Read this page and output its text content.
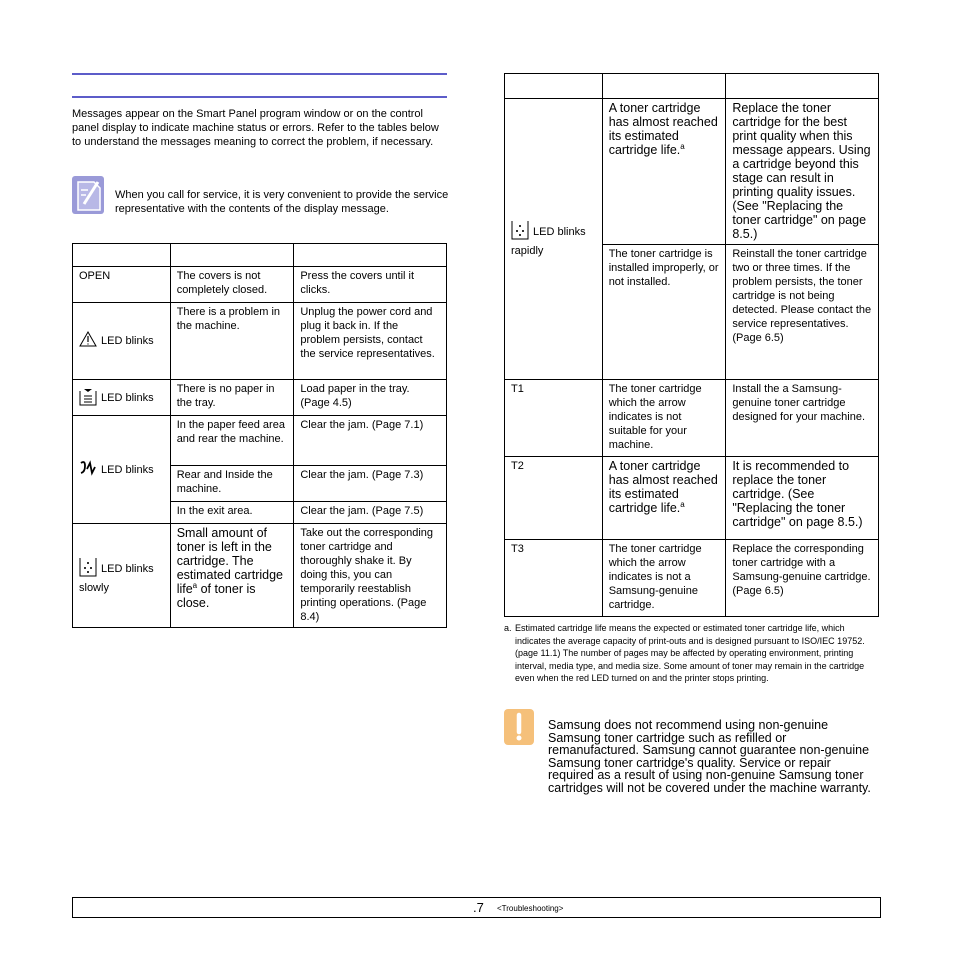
Messages appear on the Smart Panel program window or on the control panel display to indicate machine status or errors. Refer to the tables below to understand the messages meaning to correct the problem, if necessary.

When you call for service, it is very convenient to provide the service representative with the contents of the display message.

OPEN	The covers is not completely closed.	Press the covers until it clicks.
LED blinks	There is a problem in the machine.	Unplug the power cord and plug it back in. If the problem persists, contact the service representatives.
LED blinks	There is no paper in the tray.	Load paper in the tray. (Page 4.5)
LED blinks	In the paper feed area and rear the machine.	Clear the jam. (Page 7.1)
	Rear and Inside the machine.	Clear the jam. (Page 7.3)
	In the exit area.	Clear the jam. (Page 7.5)
LED blinks
slowly	Small amount of toner is left in the cartridge. The estimated cartridge life$^a$ of toner is close.	Take out the corresponding toner cartridge and thoroughly shake it. By doing this, you can temporarily reestablish printing operations. (Page 8.4)

LED blinks
rapidly	A toner cartridge has almost reached its estimated cartridge life.$^a$	Replace the toner cartridge for the best print quality when this message appears. Using a cartridge beyond this stage can result in printing quality issues. (See "Replacing the toner cartridge" on page 8.5.)
	The toner cartridge is installed improperly, or not installed.	Reinstall the toner cartridge two or three times. If the problem persists, the toner cartridge is not being detected. Please contact the service representatives. (Page 6.5)
T1	The toner cartridge which the arrow indicates is not suitable for your machine.	Install the a Samsung-genuine toner cartridge designed for your machine.
T2	A toner cartridge has almost reached its estimated cartridge life.$^a$	It is recommended to replace the toner cartridge. (See "Replacing the toner cartridge" on page 8.5.)
T3	The toner cartridge which the arrow indicates is not a Samsung-genuine cartridge.	Replace the corresponding toner cartridge with a Samsung-genuine cartridge. (Page 6.5)
a. Estimated cartridge life means the expected or estimated toner cartridge life, which indicates the average capacity of print-outs and is designed pursuant to ISO/IEC 19752. (page 11.1) The number of pages may be affected by operating environment, printing interval, media type, and media size. Some amount of toner may remain in the cartridge even when the red LED turned on and the printer stops printing.
Samsung does not recommend using non-genuine Samsung toner cartridge such as refilled or remanufactured. Samsung cannot guarantee non-genuine Samsung toner cartridge's quality. Service or repair required as a result of using non-genuine Samsung toner cartridges will not be covered under the machine warranty.
.7 <Troubleshooting>
